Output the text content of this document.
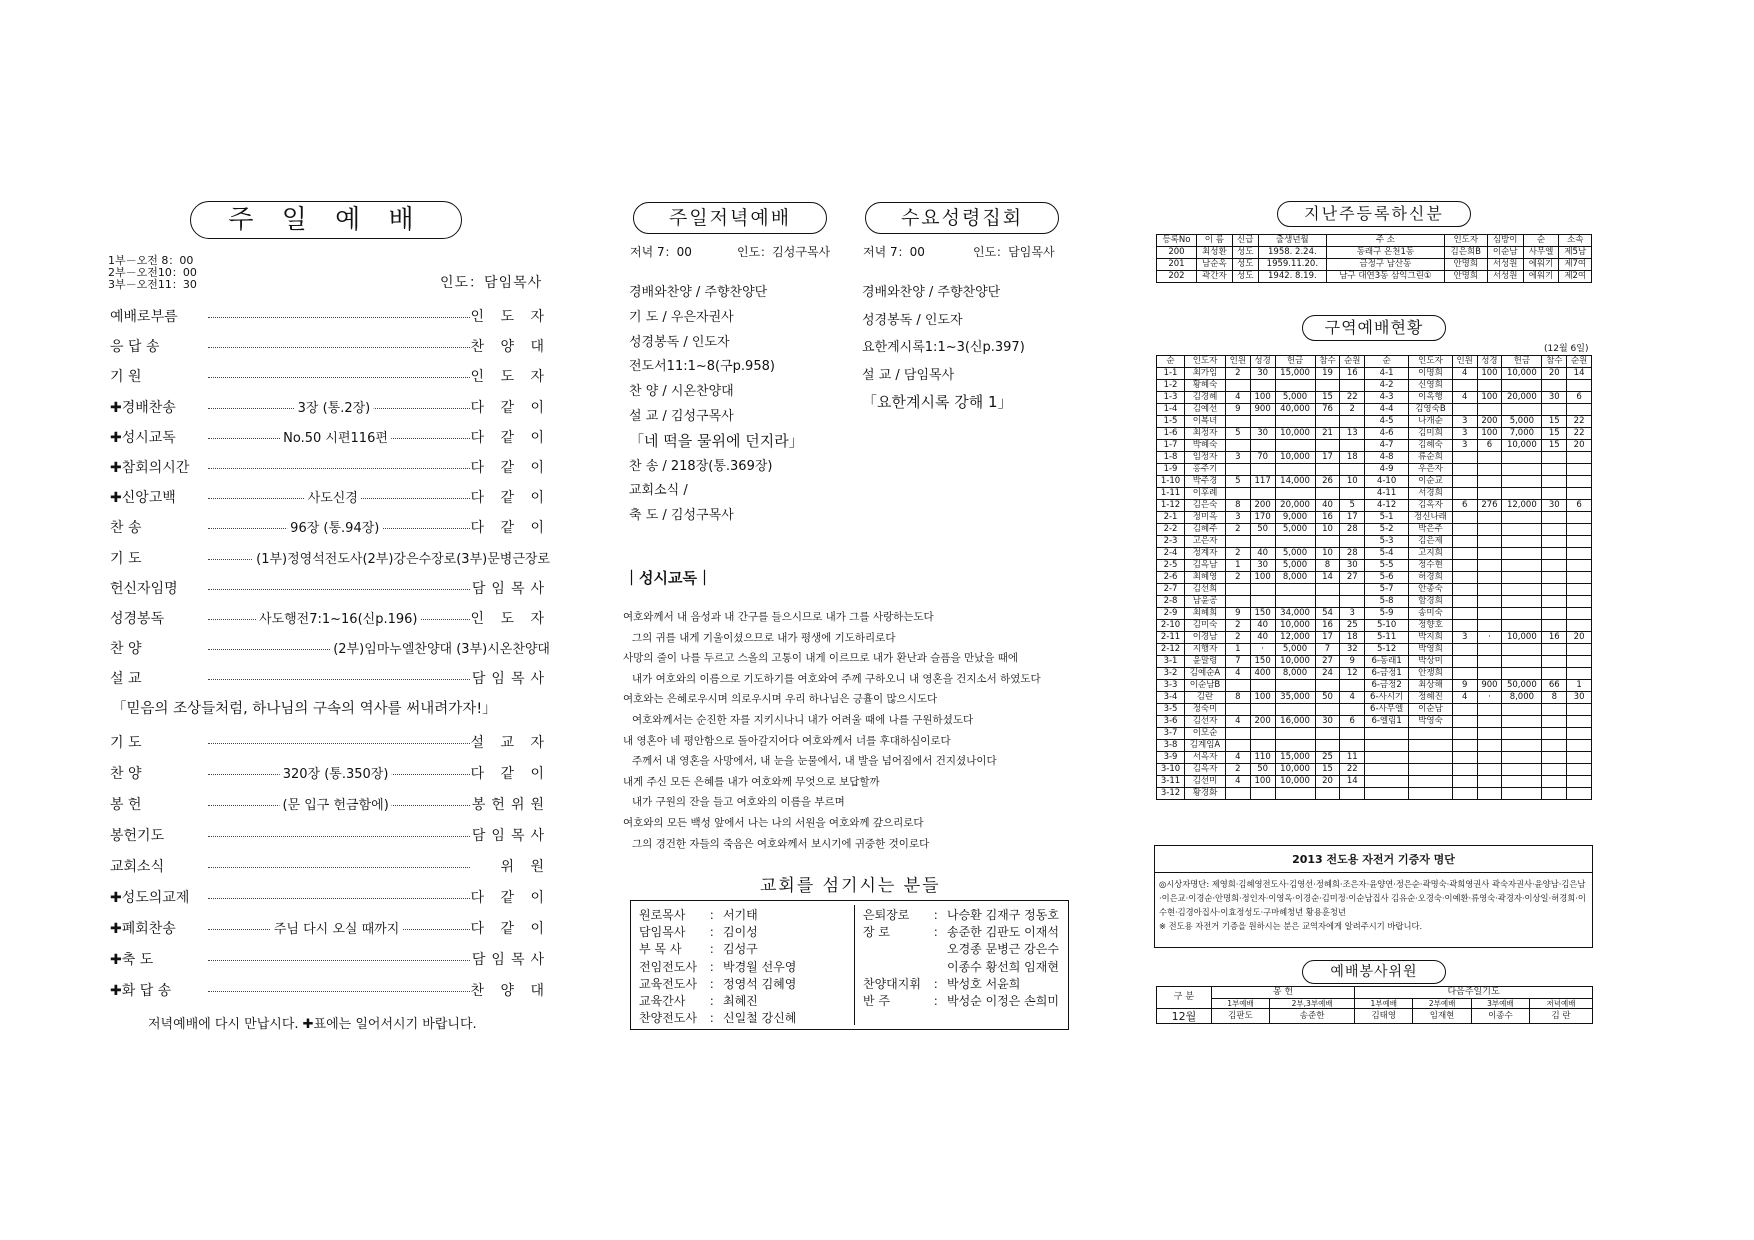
주 일 예 배
1부－오전 8：00
2부－오전10：00
3부－오전11：30	인도：담임목사
예배로부름	인 도 자
응 답 송	찬 양 대
기 원	인 도 자
✚경배찬송	3장 (통.2장)	다 같 이
✚성시교독	No.50 시편116편	다 같 이
✚참회의시간	다 같 이
✚신앙고백	사도신경	다 같 이
찬 송	96장 (통.94장)	다 같 이
기 도	(1부)정영석전도사(2부)강은수장로(3부)문병근장로
헌신자임명	담임목사
성경봉독	사도행전7:1~16(신p.196)	인 도 자
찬 양	(2부)임마누엘찬양대 (3부)시온찬양대
설 교	담임목사
「믿음의 조상들처럼, 하나님의 구속의 역사를 써내려가자!」
기 도	설 교 자
찬 양	320장 (통.350장)	다 같 이
봉 헌	(문 입구 헌금함에)	봉헌위원
봉헌기도	담임목사
교회소식	위 원
✚성도의교제	다 같 이
✚폐회찬송	주님 다시 오실 때까지	다 같 이
✚축 도	담임목사
✚화 답 송	찬 양 대
저녁예배에 다시 만납시다. ✚표에는 일어서시기 바랍니다.
주일저녁예배	수요성령집회
저녁 7：00	인도：김성구목사	저녁 7：00	인도：담임목사
경배와찬양 / 주향찬양단
기 도 / 우은자권사
성경봉독 / 인도자
전도서11:1~8(구p.958)
찬 양 / 시온찬양대
설 교 / 김성구목사
「네 떡을 물위에 던지라」
찬 송 / 218장(통.369장)
교회소식 /
축 도 / 김성구목사
경배와찬양 / 주향찬양단
성경봉독 / 인도자
요한계시록1:1~3(신p.397)
설 교 / 담임목사
「요한계시록 강해 1」
｜성시교독｜
여호와께서 내 음성과 내 간구를 들으시므로 내가 그를 사랑하는도다
그의 귀를 내게 기울이셨으므로 내가 평생에 기도하리로다
사망의 줄이 나를 두르고 스올의 고통이 내게 이르므로 내가 환난과 슬픔을 만났을 때에
내가 여호와의 이름으로 기도하기를 여호와여 주께 구하오니 내 영혼을 건지소서 하였도다
여호와는 은혜로우시며 의로우시며 우리 하나님은 긍휼이 많으시도다
여호와께서는 순진한 자를 지키시나니 내가 어려울 때에 나를 구원하셨도다
내 영혼아 네 평안함으로 돌아갈지어다 여호와께서 너를 후대하심이로다
주께서 내 영혼을 사망에서, 내 눈을 눈물에서, 내 발을 넘어짐에서 건지셨나이다
내게 주신 모든 은혜를 내가 여호와께 무엇으로 보답할까
내가 구원의 잔을 들고 여호와의 이름을 부르며
여호와의 모든 백성 앞에서 나는 나의 서원을 여호와께 갚으리로다
그의 경건한 자들의 죽음은 여호와께서 보시기에 귀중한 것이로다
교회를 섬기시는 분들
원로목사 ： 서기태
담임목사 ： 김이성
부 목 사 ： 김성구
전임전도사 ： 박경월 선우영
교육전도사 ： 정영석 김혜영
교육간사 ： 최혜진
찬양전도사 ： 신일철 강신혜
은퇴장로 ： 나승환 김재구 정동호
장 로	： 송준한 김판도 이재석
오경종 문병근 강은수
이종수 황선희 임재현
찬양대지휘 ： 박성호 서윤희
반 주	： 박성순 이정은 손희미
지난주등록하신분
등록No	이 름	신급	출생년월	주 소	인도자	심방이	순	소속
200	최성환	성도	1958. 2.24.	동래구 온천1동	김은희B	이순남	사무엘	제5남
201	남순옥	성도	1959.11.20.	금정구 남산동	안명희	서성원	에워기	제7여
202	곽간자	성도	1942. 8.19.	남구 대연3동 삼익그린①	안명희	서성원	에워기	제2여
구역예배현황
(12월 6일)
순	인도자	인원	성경	헌금	참수	순원	순	인도자	인원	성경	헌금	참수	순원
1-1	최가임	2	30	15,000	19	16	4-1	이명희	4	100	10,000	20	14
1-2	황혜숙						4-2	신영희					
1-3	김경혜	4	100	5,000	15	22	4-3	이옥행	4	100	20,000	30	6
1-4	김예선	9	900	40,000	76	2	4-4	김영숙B					
1-5	이복녀						4-5	나개순	3	200	5,000	15	22
1-6	최정자	5	30	10,000	21	13	4-6	김미희	3	100	7,000	15	22
1-7	박혜숙						4-7	김혜숙	3	6	10,000	15	20
1-8	임정자	3	70	10,000	17	18	4-8	류순희					
1-9	홍주기						4-9	우은자					
1-10	박주경	5	117	14,000	26	10	4-10	이순교					
1-11	이후례						4-11	서경희					
1-12	김은숙	8	200	20,000	40	5	4-12	김옥자	6	276	12,000	30	6
2-1	정미옥	3	170	9,000	16	17	5-1	정신나래					
2-2	김혜주	2	50	5,000	10	28	5-2	박은주					
2-3	고은자						5-3	김은제					
2-4	정계자	2	40	5,000	10	28	5-4	고지희					
2-5	김옥남	1	30	5,000	8	30	5-5	정수현					
2-6	최혜영	2	100	8,000	14	27	5-6	허경희					
2-7	김선희						5-7	안종숙					
2-8	남윤공						5-8	함경희					
2-9	최혜희	9	150	34,000	54	3	5-9	송미숙					
2-10	김미숙	2	40	10,000	16	25	5-10	정향호					
2-11	이경남	2	40	12,000	17	18	5-11	박지희	3	·	10,000	16	20
2-12	지행자	1	·	5,000	7	32	5-12	박영희					
3-1	윤말령	7	150	10,000	27	9	6-동래1	박상미					
3-2	김예순A	4	400	8,000	24	12	6-금정1	안쟁희					
3-3	이순남B						6-금정2	최상해	9	900	50,000	66	1
3-4	김란	8	100	35,000	50	4	6-사시기	정혜진	4	·	8,000	8	30
3-5	정숙미						6-사무엘	이순남					
3-6	김선자	4	200	16,000	30	6	6-엘림1	박영숙					
3-7	이모순												
3-8	김계임A												
3-9	서옥자	4	110	15,000	25	11							
3-10	김옥자	2	50	10,000	15	22							
3-11	김선미	4	100	10,000	20	14							
3-12	황경화												
2013 전도용 자전거 기증자 명단
◎시상자명단: 제영희·김혜영전도사·김영선·정혜희·조은자·윤양연·정은순·곽명숙·곽희영권사 곽숙자권사·윤양남·김은남·이은교·이경순·안명희·정인자·이영옥·이경순·김미정·이순남집사 김유순·오경숙·이예환·류영숙·곽경자·이상일·허경희·이수현·김경아집사·이효정성도·구마혜청년 황용훈청년
※ 전도용 자전거 기증을 원하시는 분은 교역자에게 알려주시기 바랍니다.
예배봉사위원
구 분	봉 헌		다음주일기도			
	1부예배	2부,3부예배	1부예배	2부예배	3부예배	저녁예배
12월	김판도	송준한	김태영	임재현	이종수	김 란
